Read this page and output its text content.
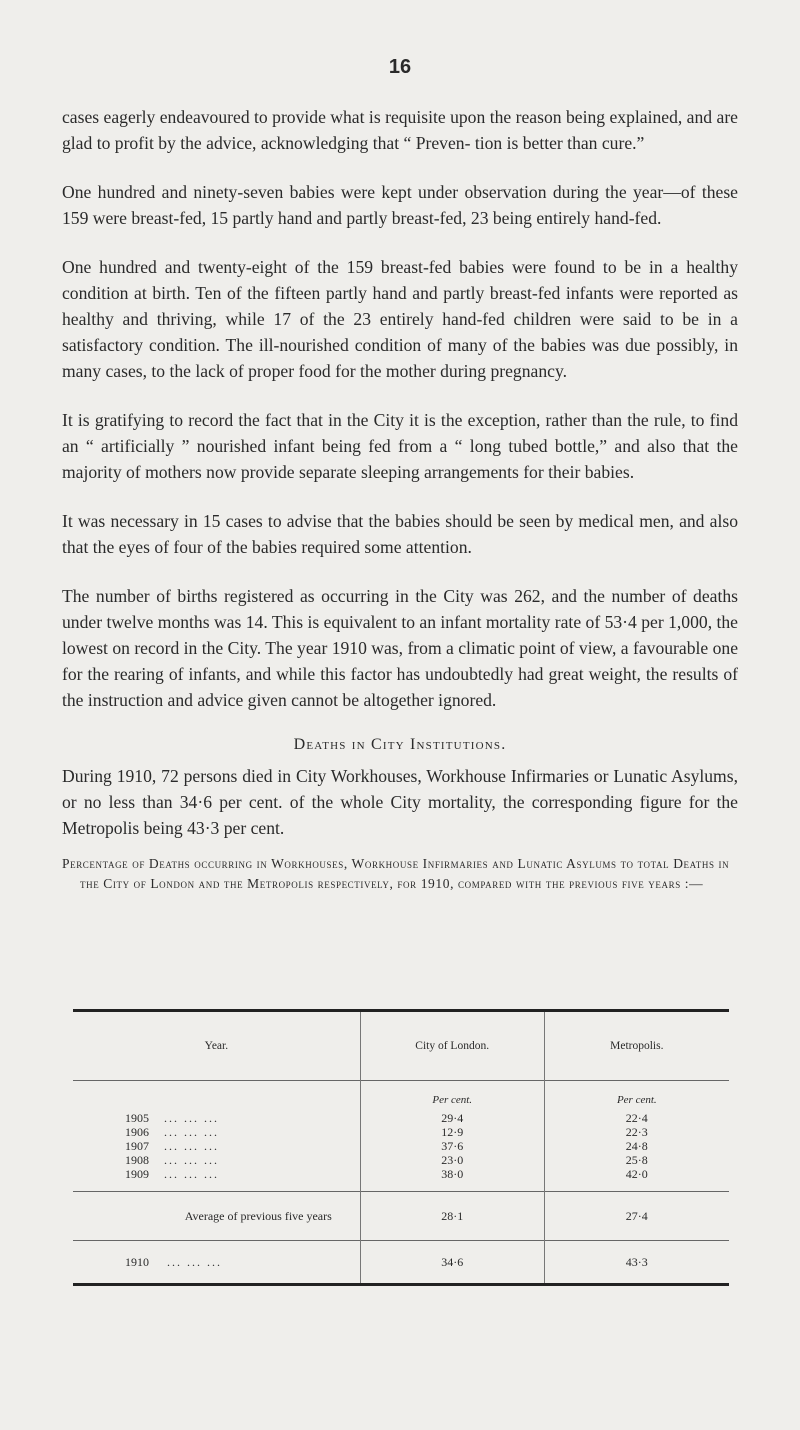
16

cases eagerly endeavoured to provide what is requisite upon the reason being explained, and are glad to profit by the advice, acknowledging that “ Preven- tion is better than cure.”

One hundred and ninety-seven babies were kept under observation during the year—of these 159 were breast-fed, 15 partly hand and partly breast-fed, 23 being entirely hand-fed.

One hundred and twenty-eight of the 159 breast-fed babies were found to be in a healthy condition at birth. Ten of the fifteen partly hand and partly breast-fed infants were reported as healthy and thriving, while 17 of the 23 entirely hand-fed children were said to be in a satisfactory condition. The ill-nourished condition of many of the babies was due possibly, in many cases, to the lack of proper food for the mother during pregnancy.

It is gratifying to record the fact that in the City it is the exception, rather than the rule, to find an “ artificially ” nourished infant being fed from a “ long tubed bottle,” and also that the majority of mothers now provide separate sleeping arrangements for their babies.

It was necessary in 15 cases to advise that the babies should be seen by medical men, and also that the eyes of four of the babies required some attention.

The number of births registered as occurring in the City was 262, and the number of deaths under twelve months was 14. This is equivalent to an infant mortality rate of 53·4 per 1,000, the lowest on record in the City. The year 1910 was, from a climatic point of view, a favourable one for the rearing of infants, and while this factor has undoubtedly had great weight, the results of the instruction and advice given cannot be altogether ignored.

Deaths in City Institutions.

During 1910, 72 persons died in City Workhouses, Workhouse Infirmaries or Lunatic Asylums, or no less than 34·6 per cent. of the whole City mortality, the corresponding figure for the Metropolis being 43·3 per cent.

Percentage of Deaths occurring in Workhouses, Workhouse Infirmaries and Lunatic Asylums to total Deaths in the City of London and the Metropolis respectively, for 1910, compared with the previous five years :—

Year.	City of London.	Metropolis.
	Per cent.	Per cent.
1905 ... ... ...	29·4	22·4
1906 ... ... ...	12·9	22·3
1907 ... ... ...	37·6	24·8
1908 ... ... ...	23·0	25·8
1909 ... ... ...	38·0	42·0

Average of previous five years	28·1	27·4
1910 ... ... ...	34·6	43·3
